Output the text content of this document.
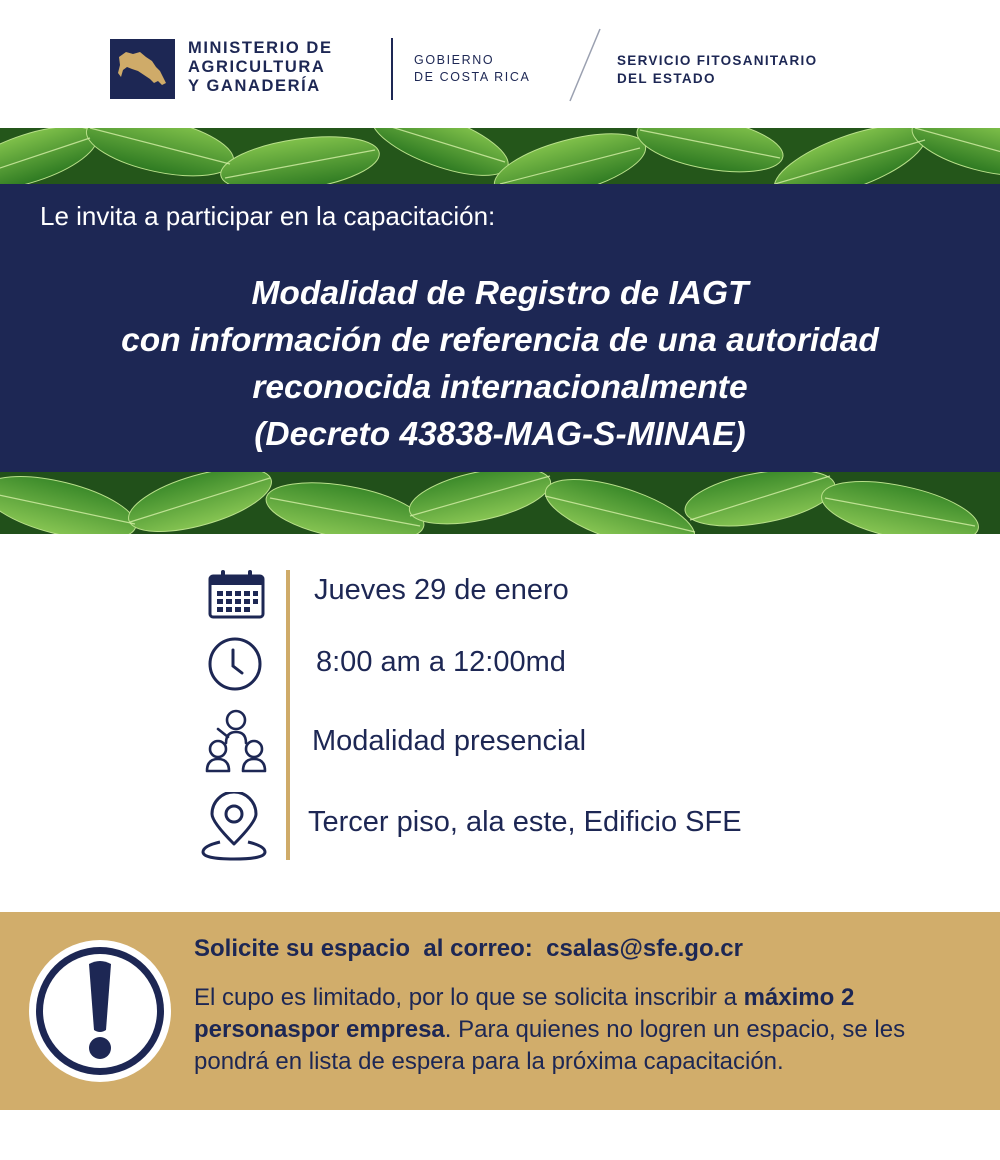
MINISTERIO DE
AGRICULTURA
Y GANADERÍA
GOBIERNO
DE COSTA RICA
SERVICIO FITOSANITARIO
DEL ESTADO
Le invita a participar en la capacitación:
Modalidad de Registro de IAGT
con información de referencia de una autoridad
reconocida internacionalmente
(Decreto 43838-MAG-S-MINAE)
Jueves 29 de enero
8:00 am a 12:00md
Modalidad presencial
Tercer piso, ala este, Edificio SFE
Solicite su espacio  al correo:  csalas@sfe.go.cr

El cupo es limitado, por lo que se solicita inscribir a máximo 2 personaspor empresa. Para quienes no logren un espacio, se les pondrá en lista de espera para la próxima capacitación.
